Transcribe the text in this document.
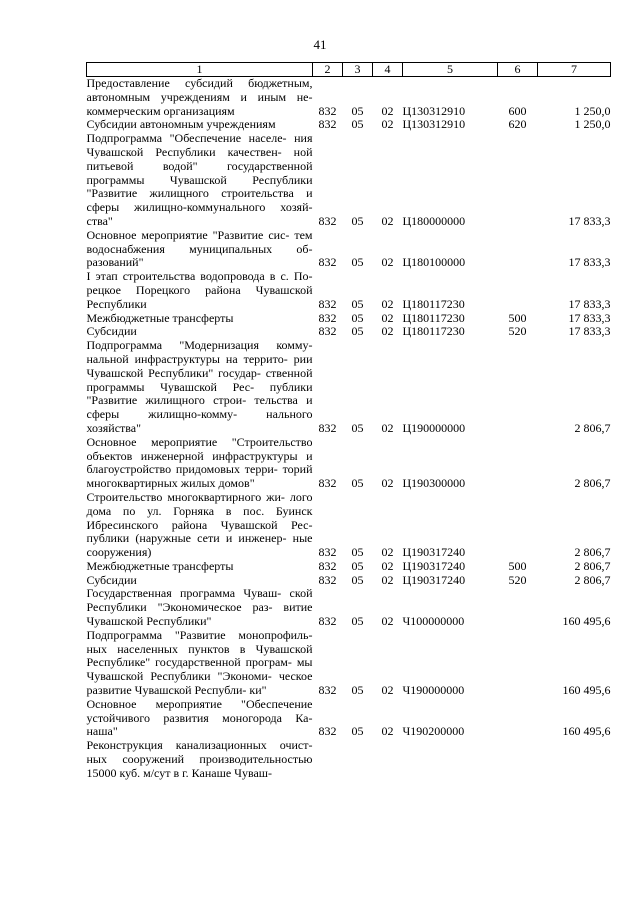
41
1	2	3	4	5	6	7
Предоставление субсидий бюджетным, автономным учреждениям и иным не- коммерческим организациям	832	05	02	Ц130312910	600	1 250,0
Субсидии автономным учреждениям	832	05	02	Ц130312910	620	1 250,0
Подпрограмма "Обеспечение населе- ния Чувашской Республики качествен- ной питьевой водой" государственной программы Чувашской Республики "Развитие жилищного строительства и сферы жилищно-коммунального хозяй- ства"	832	05	02	Ц180000000		17 833,3
Основное мероприятие "Развитие сис- тем водоснабжения муниципальных об- разований"	832	05	02	Ц180100000		17 833,3
I этап строительства водопровода в с. По- рецкое Порецкого района Чувашской Республики	832	05	02	Ц180117230		17 833,3
Межбюджетные трансферты	832	05	02	Ц180117230	500	17 833,3
Субсидии	832	05	02	Ц180117230	520	17 833,3
Подпрограмма "Модернизация комму- нальной инфраструктуры на террито- рии Чувашской Республики" государ- ственной программы Чувашской Рес- публики "Развитие жилищного строи- тельства и сферы жилищно-комму- нального хозяйства"	832	05	02	Ц190000000		2 806,7
Основное мероприятие "Строительство объектов инженерной инфраструктуры и благоустройство придомовых терри- торий многоквартирных жилых домов"	832	05	02	Ц190300000		2 806,7
Строительство многоквартирного жи- лого дома по ул. Горняка в пос. Буинск Ибресинского района Чувашской Рес- публики (наружные сети и инженер- ные сооружения)	832	05	02	Ц190317240		2 806,7
Межбюджетные трансферты	832	05	02	Ц190317240	500	2 806,7
Субсидии	832	05	02	Ц190317240	520	2 806,7
Государственная программа Чуваш- ской Республики "Экономическое раз- витие Чувашской Республики"	832	05	02	Ч100000000		160 495,6
Подпрограмма "Развитие монопрофиль- ных населенных пунктов в Чувашской Республике" государственной програм- мы Чувашской Республики "Экономи- ческое развитие Чувашской Республи- ки"	832	05	02	Ч190000000		160 495,6
Основное мероприятие "Обеспечение устойчивого развития моногорода Ка- наша"	832	05	02	Ч190200000		160 495,6
Реконструкция канализационных очист- ных сооружений производительностью 15000 куб. м/сут в г. Канаше Чуваш-						
